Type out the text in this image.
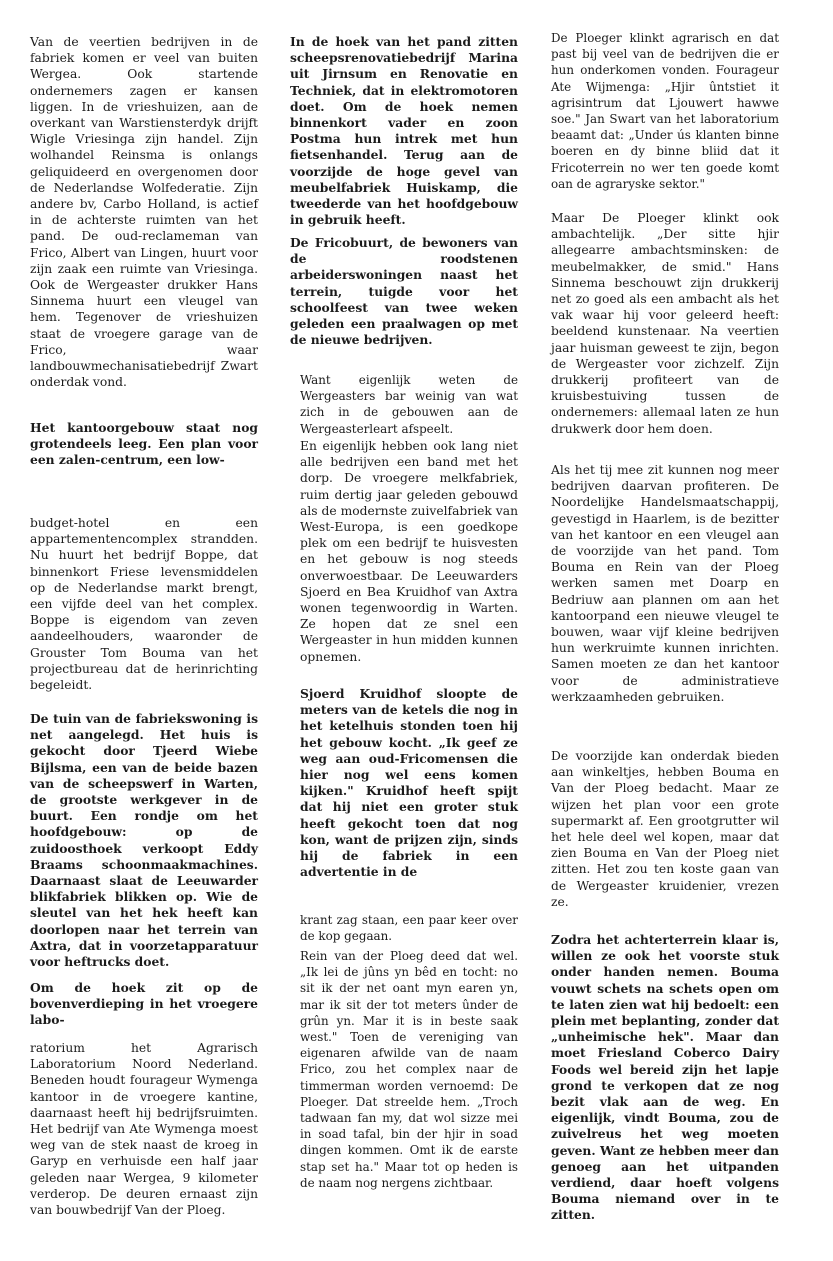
Van de veertien bedrijven in de fabriek komen er veel van buiten Wergea. Ook startende ondernemers zagen er kansen liggen. In de vrieshuizen, aan de overkant van Warstiensterdyk drijft Wigle Vriesinga zijn handel. Zijn wolhandel Reinsma is onlangs geliquideerd en overgenomen door de Nederlandse Wolfederatie. Zijn andere bv, Carbo Holland, is actief in de achterste ruimten van het pand. De oud-reclameman van Frico, Albert van Lingen, huurt voor zijn zaak een ruimte van Vriesinga. Ook de Wergeaster drukker Hans Sinnema huurt een vleugel van hem. Tegenover de vrieshuizen staat de vroegere garage van de Frico, waar landbouwmechanisatiebedrijf Zwart onderdak vond.

Het kantoorgebouw staat nog grotendeels leeg. Een plan voor een zalen-centrum, een low-

budget-hotel en een appartementencomplex strandden. Nu huurt het bedrijf Boppe, dat binnenkort Friese levensmiddelen op de Nederlandse markt brengt, een vijfde deel van het complex. Boppe is eigendom van zeven aandeelhouders, waaronder de Grouster Tom Bouma van het projectbureau dat de herinrichting begeleidt.

De tuin van de fabriekswoning is net aangelegd. Het huis is gekocht door Tjeerd Wiebe Bijlsma, een van de beide bazen van de scheepswerf in Warten, de grootste werkgever in de buurt. Een rondje om het hoofdgebouw: op de zuidoosthoek verkoopt Eddy Braams schoonmaakmachines. Daarnaast slaat de Leeuwarder blikfabriek blikken op. Wie de sleutel van het hek heeft kan doorlopen naar het terrein van Axtra, dat in voorzetapparatuur voor heftrucks doet.

Om de hoek zit op de bovenverdieping in het vroegere labo-

ratorium het Agrarisch Laboratorium Noord Nederland. Beneden houdt fourageur Wymenga kantoor in de vroegere kantine, daarnaast heeft hij bedrijfsruimten. Het bedrijf van Ate Wymenga moest weg van de stek naast de kroeg in Garyp en verhuisde een half jaar geleden naar Wergea, 9 kilometer verderop. De deuren ernaast zijn van bouwbedrijf Van der Ploeg.

In de hoek van het pand zitten scheepsrenovatiebedrijf Marina uit Jirnsum en Renovatie en Techniek, dat in elektromotoren doet. Om de hoek nemen binnenkort vader en zoon Postma hun intrek met hun fietsenhandel. Terug aan de voorzijde de hoge gevel van meubelfabriek Huiskamp, die tweederde van het hoofdgebouw in gebruik heeft.

De Fricobuurt, de bewoners van de roodstenen arbeiderswoningen naast het terrein, tuigde voor het schoolfeest van twee weken geleden een praalwagen op met de nieuwe bedrijven.

Want eigenlijk weten de Wergeasters bar weinig van wat zich in de gebouwen aan de Wergeasterleart afspeelt.

En eigenlijk hebben ook lang niet alle bedrijven een band met het dorp. De vroegere melkfabriek, ruim dertig jaar geleden gebouwd als de modernste zuivelfabriek van West-Europa, is een goedkope plek om een bedrijf te huisvesten en het gebouw is nog steeds onverwoestbaar. De Leeuwarders Sjoerd en Bea Kruidhof van Axtra wonen tegenwoordig in Warten. Ze hopen dat ze snel een Wergeaster in hun midden kunnen opnemen.

Sjoerd Kruidhof sloopte de meters van de ketels die nog in het ketelhuis stonden toen hij het gebouw kocht. „Ik geef ze weg aan oud-Fricomensen die hier nog wel eens komen kijken." Kruidhof heeft spijt dat hij niet een groter stuk heeft gekocht toen dat nog kon, want de prijzen zijn, sinds hij de fabriek in een advertentie in de

krant zag staan, een paar keer over de kop gegaan.

Rein van der Ploeg deed dat wel. „Ik lei de jûns yn bêd en tocht: no sit ik der net oant myn earen yn, mar ik sit der tot meters ûnder de grûn yn. Mar it is in beste saak west." Toen de vereniging van eigenaren afwilde van de naam Frico, zou het complex naar de timmerman worden vernoemd: De Ploeger. Dat streelde hem. „Troch tadwaan fan my, dat wol sizze mei in soad tafal, bin der hjir in soad dingen kommen. Omt ik de earste stap set ha." Maar tot op heden is de naam nog nergens zichtbaar.

De Ploeger klinkt agrarisch en dat past bij veel van de bedrijven die er hun onderkomen vonden. Fourageur Ate Wijmenga: „Hjir ûntstiet it agrisintrum dat Ljouwert hawwe soe." Jan Swart van het laboratorium beaamt dat: „Under ús klanten binne boeren en dy binne bliid dat it Fricoterrein no wer ten goede komt oan de agraryske sektor."

Maar De Ploeger klinkt ook ambachtelijk. „Der sitte hjir allegearre ambachtsminsken: de meubelmakker, de smid." Hans Sinnema beschouwt zijn drukkerij net zo goed als een ambacht als het vak waar hij voor geleerd heeft: beeldend kunstenaar. Na veertien jaar huisman geweest te zijn, begon de Wergeaster voor zichzelf. Zijn drukkerij profiteert van de kruisbestuiving tussen de ondernemers: allemaal laten ze hun drukwerk door hem doen.

Als het tij mee zit kunnen nog meer bedrijven daarvan profiteren. De Noordelijke Handelsmaatschappij, gevestigd in Haarlem, is de bezitter van het kantoor en een vleugel aan de voorzijde van het pand. Tom Bouma en Rein van der Ploeg werken samen met Doarp en Bedriuw aan plannen om aan het kantoorpand een nieuwe vleugel te bouwen, waar vijf kleine bedrijven hun werkruimte kunnen inrichten. Samen moeten ze dan het kantoor voor de administratieve werkzaamheden gebruiken.

De voorzijde kan onderdak bieden aan winkeltjes, hebben Bouma en Van der Ploeg bedacht. Maar ze wijzen het plan voor een grote supermarkt af. Een grootgrutter wil het hele deel wel kopen, maar dat zien Bouma en Van der Ploeg niet zitten. Het zou ten koste gaan van de Wergeaster kruidenier, vrezen ze.

Zodra het achterterrein klaar is, willen ze ook het voorste stuk onder handen nemen. Bouma vouwt schets na schets open om te laten zien wat hij bedoelt: een plein met beplanting, zonder dat „unheimische hek". Maar dan moet Friesland Coberco Dairy Foods wel bereid zijn het lapje grond te verkopen dat ze nog bezit vlak aan de weg. En eigenlijk, vindt Bouma, zou de zuivelreus het weg moeten geven. Want ze hebben meer dan genoeg aan het uitpanden verdiend, daar hoeft volgens Bouma niemand over in te zitten.
